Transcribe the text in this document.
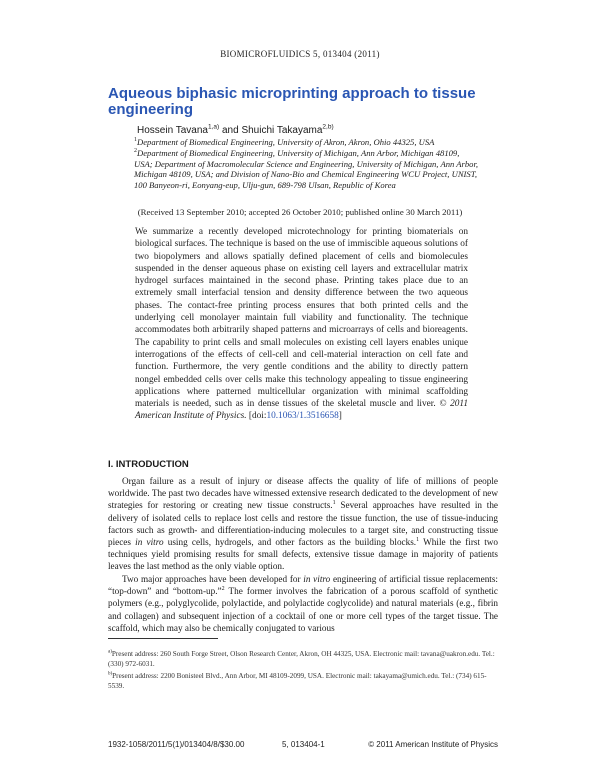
BIOMICROFLUIDICS 5, 013404 (2011)
Aqueous biphasic microprinting approach to tissue engineering
Hossein Tavana$^{1,a)}$ and Shuichi Takayama$^{2,b)}$
$^1$Department of Biomedical Engineering, University of Akron, Akron, Ohio 44325, USA
$^2$Department of Biomedical Engineering, University of Michigan, Ann Arbor, Michigan 48109, USA; Department of Macromolecular Science and Engineering, University of Michigan, Ann Arbor, Michigan 48109, USA; and Division of Nano-Bio and Chemical Engineering WCU Project, UNIST, 100 Banyeon-ri, Eonyang-eup, Ulju-gun, 689-798 Ulsan, Republic of Korea
(Received 13 September 2010; accepted 26 October 2010; published online 30 March 2011)
We summarize a recently developed microtechnology for printing biomaterials on biological surfaces. The technique is based on the use of immiscible aqueous solutions of two biopolymers and allows spatially defined placement of cells and biomolecules suspended in the denser aqueous phase on existing cell layers and extracellular matrix hydrogel surfaces maintained in the second phase. Printing takes place due to an extremely small interfacial tension and density difference between the two aqueous phases. The contact-free printing process ensures that both printed cells and the underlying cell monolayer maintain full viability and functionality. The technique accommodates both arbitrarily shaped patterns and microarrays of cells and bioreagents. The capability to print cells and small molecules on existing cell layers enables unique interrogations of the effects of cell-cell and cell-material interaction on cell fate and function. Furthermore, the very gentle conditions and the ability to directly pattern nongel embedded cells over cells make this technology appealing to tissue engineering applications where patterned multicellular organization with minimal scaffolding materials is needed, such as in dense tissues of the skeletal muscle and liver. © 2011 American Institute of Physics. [doi:10.1063/1.3516658]
I. INTRODUCTION

Organ failure as a result of injury or disease affects the quality of life of millions of people worldwide. The past two decades have witnessed extensive research dedicated to the development of new strategies for restoring or creating new tissue constructs.$^1$ Several approaches have resulted in the delivery of isolated cells to replace lost cells and restore the tissue function, the use of tissue-inducing factors such as growth- and differentiation-inducing molecules to a target site, and constructing tissue pieces in vitro using cells, hydrogels, and other factors as the building blocks.$^1$ While the first two techniques yield promising results for small defects, extensive tissue damage in majority of patients leaves the last method as the only viable option.

Two major approaches have been developed for in vitro engineering of artificial tissue replacements: “top-down” and “bottom-up.”$^2$ The former involves the fabrication of a porous scaffold of synthetic polymers (e.g., polyglycolide, polylactide, and polylactide coglycolide) and natural materials (e.g., fibrin and collagen) and subsequent injection of a cocktail of one or more cell types of the target tissue. The scaffold, which may also be chemically conjugated to various

$^{a)}$Present address: 260 South Forge Street, Olson Research Center, Akron, OH 44325, USA. Electronic mail: tavana@uakron.edu. Tel.: (330) 972-6031.
$^{b)}$Present address: 2200 Bonisteel Blvd., Ann Arbor, MI 48109-2099, USA. Electronic mail: takayama@umich.edu. Tel.: (734) 615-5539.
1932-1058/2011/5(1)/013404/8/$30.00	5, 013404-1	© 2011 American Institute of Physics
